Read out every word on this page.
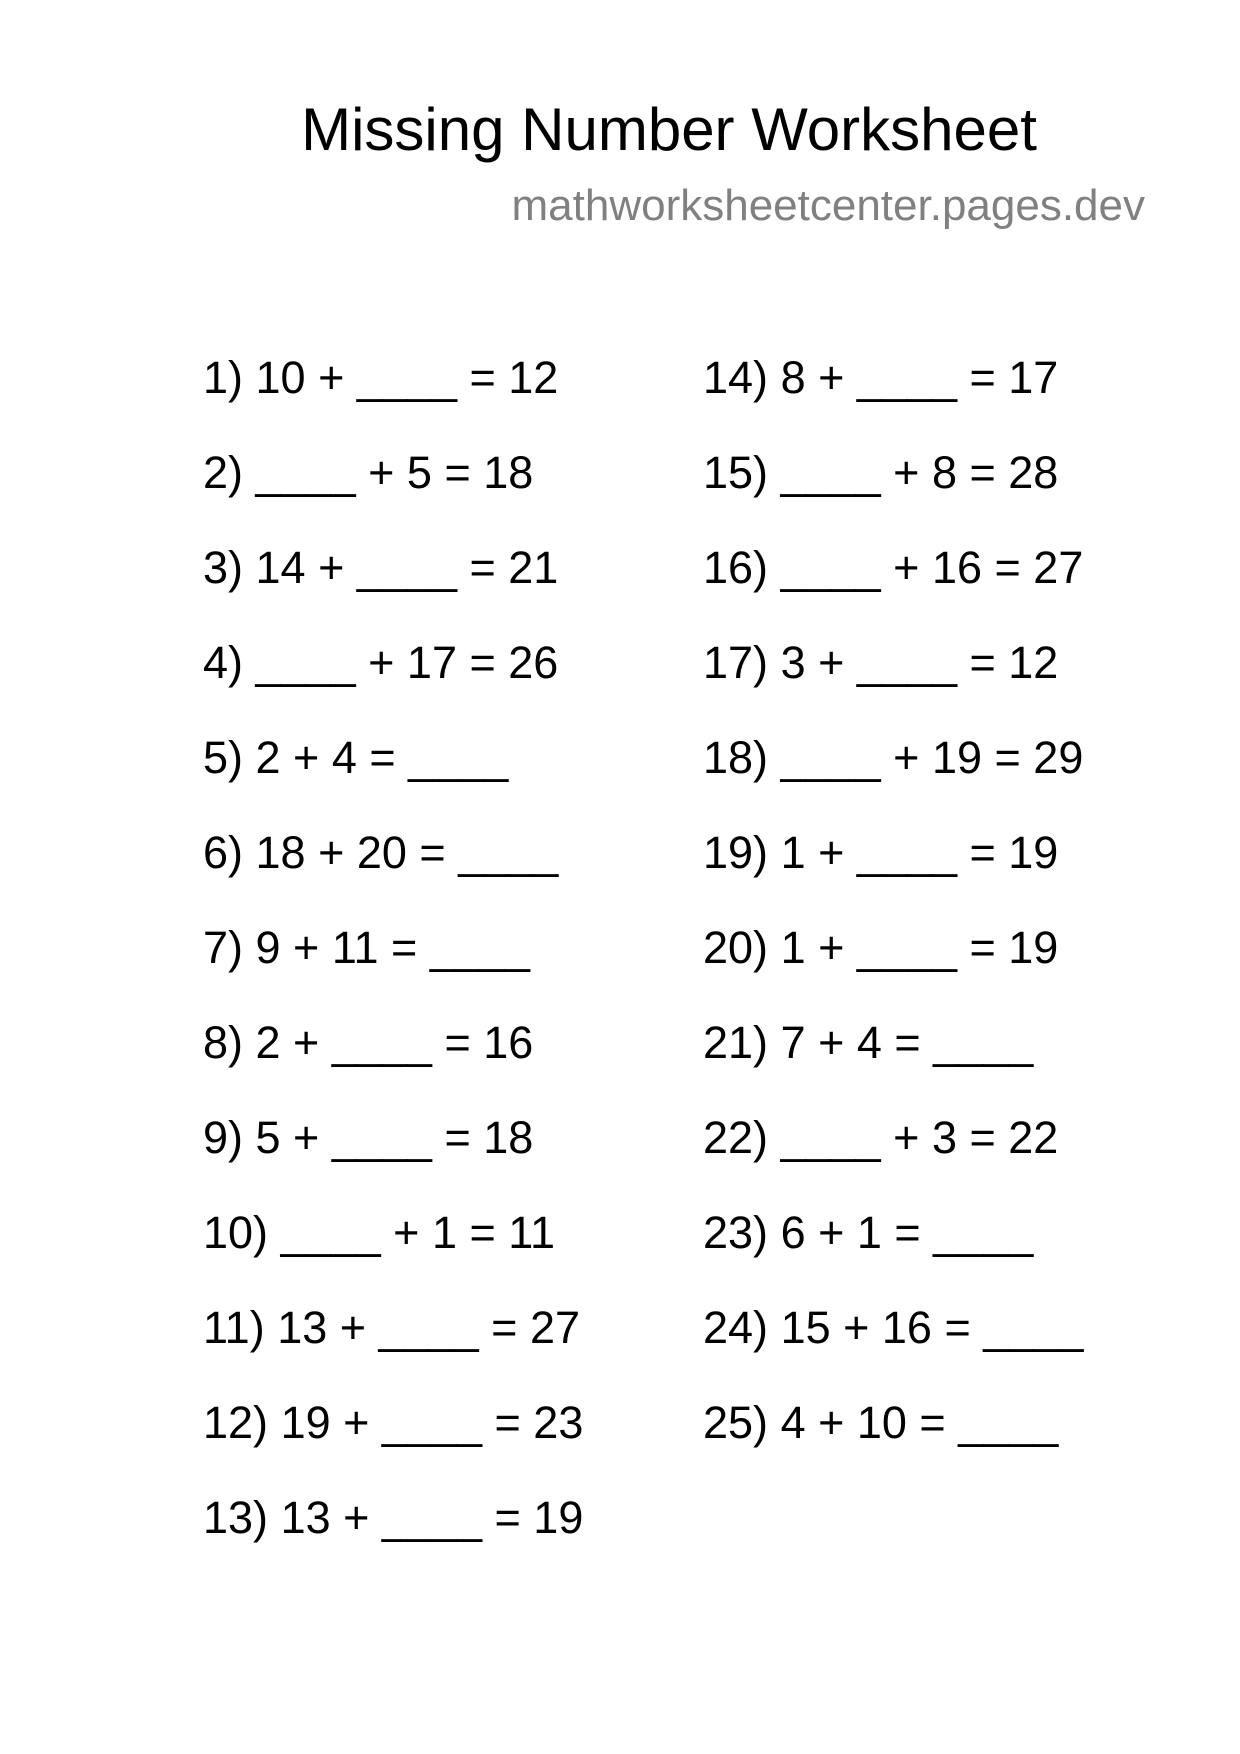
Missing Number Worksheet
mathworksheetcenter.pages.dev
1) 10 + ____ = 12
2) ____ + 5 = 18
3) 14 + ____ = 21
4) ____ + 17 = 26
5) 2 + 4 = ____
6) 18 + 20 = ____
7) 9 + 11 = ____
8) 2 + ____ = 16
9) 5 + ____ = 18
10) ____ + 1 = 11
11) 13 + ____ = 27
12) 19 + ____ = 23
13) 13 + ____ = 19
14) 8 + ____ = 17
15) ____ + 8 = 28
16) ____ + 16 = 27
17) 3 + ____ = 12
18) ____ + 19 = 29
19) 1 + ____ = 19
20) 1 + ____ = 19
21) 7 + 4 = ____
22) ____ + 3 = 22
23) 6 + 1 = ____
24) 15 + 16 = ____
25) 4 + 10 = ____
